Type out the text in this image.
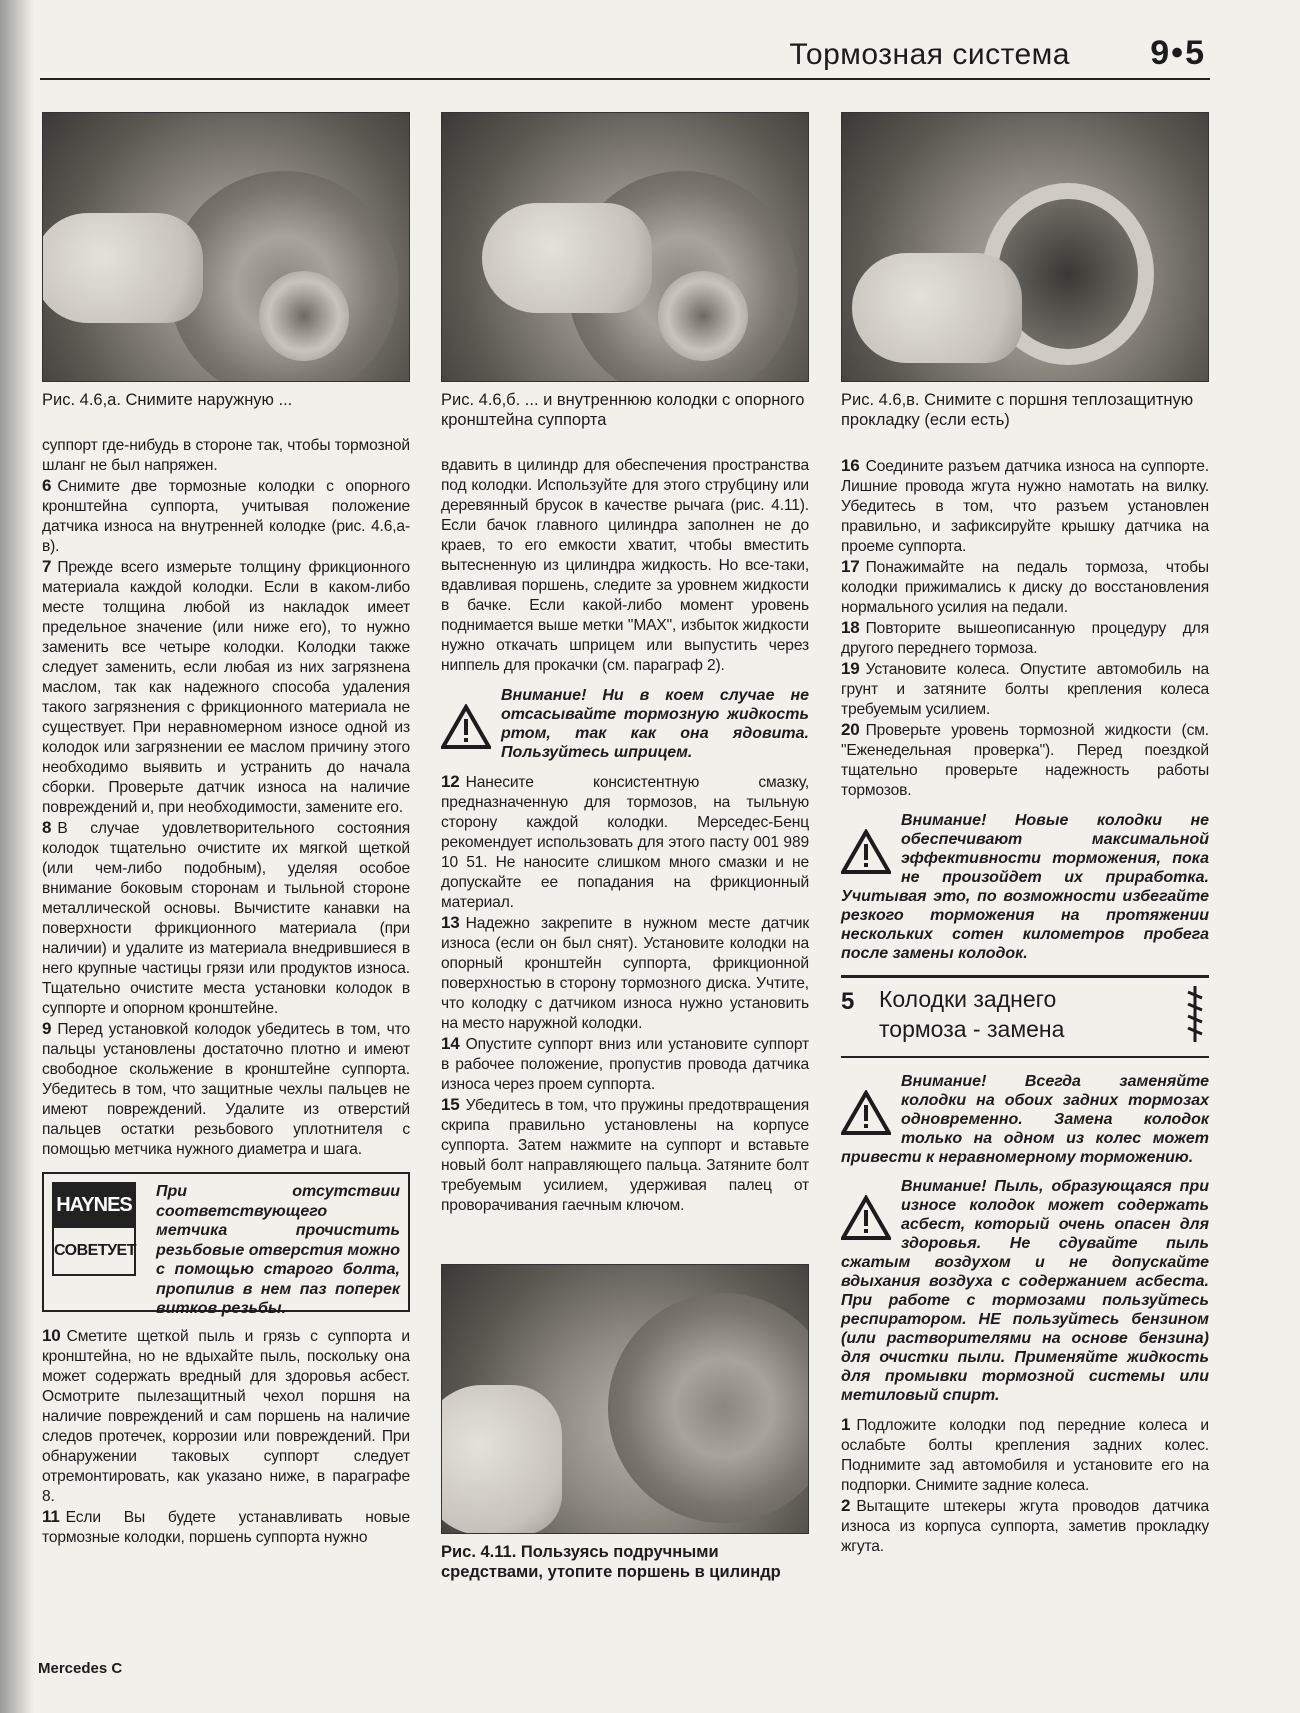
Тормозная система 9•5
Рис. 4.6,а. Снимите наружную ...

суппорт где-нибудь в стороне так, чтобы тормозной шланг не был напряжен.

6 Снимите две тормозные колодки с опорного кронштейна суппорта, учитывая положение датчика износа на внутренней колодке (рис. 4.6,а-в).

7 Прежде всего измерьте толщину фрикционного материала каждой колодки. Если в каком-либо месте толщина любой из накладок имеет предельное значение (или ниже его), то нужно заменить все четыре колодки. Колодки также следует заменить, если любая из них загрязнена маслом, так как надежного способа удаления такого загрязнения с фрикционного материала не существует. При неравномерном износе одной из колодок или загрязнении ее маслом причину этого необходимо выявить и устранить до начала сборки. Проверьте датчик износа на наличие повреждений и, при необходимости, замените его.

8 В случае удовлетворительного состояния колодок тщательно очистите их мягкой щеткой (или чем-либо подобным), уделяя особое внимание боковым сторонам и тыльной стороне металлической основы. Вычистите канавки на поверхности фрикционного материала (при наличии) и удалите из материала внедрившиеся в него крупные частицы грязи или продуктов износа. Тщательно очистите места установки колодок в суппорте и опорном кронштейне.

9 Перед установкой колодок убедитесь в том, что пальцы установлены достаточно плотно и имеют свободное скольжение в кронштейне суппорта. Убедитесь в том, что защитные чехлы пальцев не имеют повреждений. Удалите из отверстий пальцев остатки резьбового уплотнителя с помощью метчика нужного диаметра и шага.

HAYNES
СОВЕТУЕТ
При отсутствии соответствующего метчика прочистить резьбовые отверстия можно с помощью старого болта, пропилив в нем паз поперек витков резьбы.

10 Сметите щеткой пыль и грязь с суппорта и кронштейна, но не вдыхайте пыль, поскольку она может содержать вредный для здоровья асбест. Осмотрите пылезащитный чехол поршня на наличие повреждений и сам поршень на наличие следов протечек, коррозии или повреждений. При обнаружении таковых суппорт следует отремонтировать, как указано ниже, в параграфе 8.

11 Если Вы будете устанавливать новые тормозные колодки, поршень суппорта нужно

Рис. 4.6,б. ... и внутреннюю колодки с опорного кронштейна суппорта

вдавить в цилиндр для обеспечения пространства под колодки. Используйте для этого струбцину или деревянный брусок в качестве рычага (рис. 4.11). Если бачок главного цилиндра заполнен не до краев, то его емкости хватит, чтобы вместить вытесненную из цилиндра жидкость. Но все-таки, вдавливая поршень, следите за уровнем жидкости в бачке. Если какой-либо момент уровень поднимается выше метки "MAX", избыток жидкости нужно откачать шприцем или выпустить через ниппель для прокачки (см. параграф 2).

Внимание! Ни в коем случае не отсасывайте тормозную жидкость ртом, так как она ядовита. Пользуйтесь шприцем.

12 Нанесите консистентную смазку, предназначенную для тормозов, на тыльную сторону каждой колодки. Мерседес-Бенц рекомендует использовать для этого пасту 001 989 10 51. Не наносите слишком много смазки и не допускайте ее попадания на фрикционный материал.

13 Надежно закрепите в нужном месте датчик износа (если он был снят). Установите колодки на опорный кронштейн суппорта, фрикционной поверхностью в сторону тормозного диска. Учтите, что колодку с датчиком износа нужно установить на место наружной колодки.

14 Опустите суппорт вниз или установите суппорт в рабочее положение, пропустив провода датчика износа через проем суппорта.

15 Убедитесь в том, что пружины предотвращения скрипа правильно установлены на корпусе суппорта. Затем нажмите на суппорт и вставьте новый болт направляющего пальца. Затяните болт требуемым усилием, удерживая палец от проворачивания гаечным ключом.

Рис. 4.11. Пользуясь подручными средствами, утопите поршень в цилиндр
Рис. 4.6,в. Снимите с поршня теплозащитную прокладку (если есть)

16 Соедините разъем датчика износа на суппорте. Лишние провода жгута нужно намотать на вилку. Убедитесь в том, что разъем установлен правильно, и зафиксируйте крышку датчика на проеме суппорта.

17 Понажимайте на педаль тормоза, чтобы колодки прижимались к диску до восстановления нормального усилия на педали.

18 Повторите вышеописанную процедуру для другого переднего тормоза.

19 Установите колеса. Опустите автомобиль на грунт и затяните болты крепления колеса требуемым усилием.

20 Проверьте уровень тормозной жидкости (см. "Еженедельная проверка"). Перед поездкой тщательно проверьте надежность работы тормозов.

Внимание! Новые колодки не обеспечивают максимальной эффективности торможения, пока не произойдет их приработка. Учитывая это, по возможности избегайте резкого торможения на протяжении нескольких сотен километров пробега после замены колодок.
5 Колодки заднего
тормоза - замена
Внимание! Всегда заменяйте колодки на обоих задних тормозах одновременно. Замена колодок только на одном из колес может привести к неравномерному торможению.
Внимание! Пыль, образующаяся при износе колодок может содержать асбест, который очень опасен для здоровья. Не сдувайте пыль сжатым воздухом и не допускайте вдыхания воздуха с содержанием асбеста. При работе с тормозами пользуйтесь респиратором. НЕ пользуйтесь бензином (или растворителями на основе бензина) для очистки пыли. Применяйте жидкость для промывки тормозной системы или метиловый спирт.

1 Подложите колодки под передние колеса и ослабьте болты крепления задних колес. Поднимите зад автомобиля и установите его на подпорки. Снимите задние колеса.

2 Вытащите штекеры жгута проводов датчика износа из корпуса суппорта, заметив прокладку жгута.

Mercedes C
